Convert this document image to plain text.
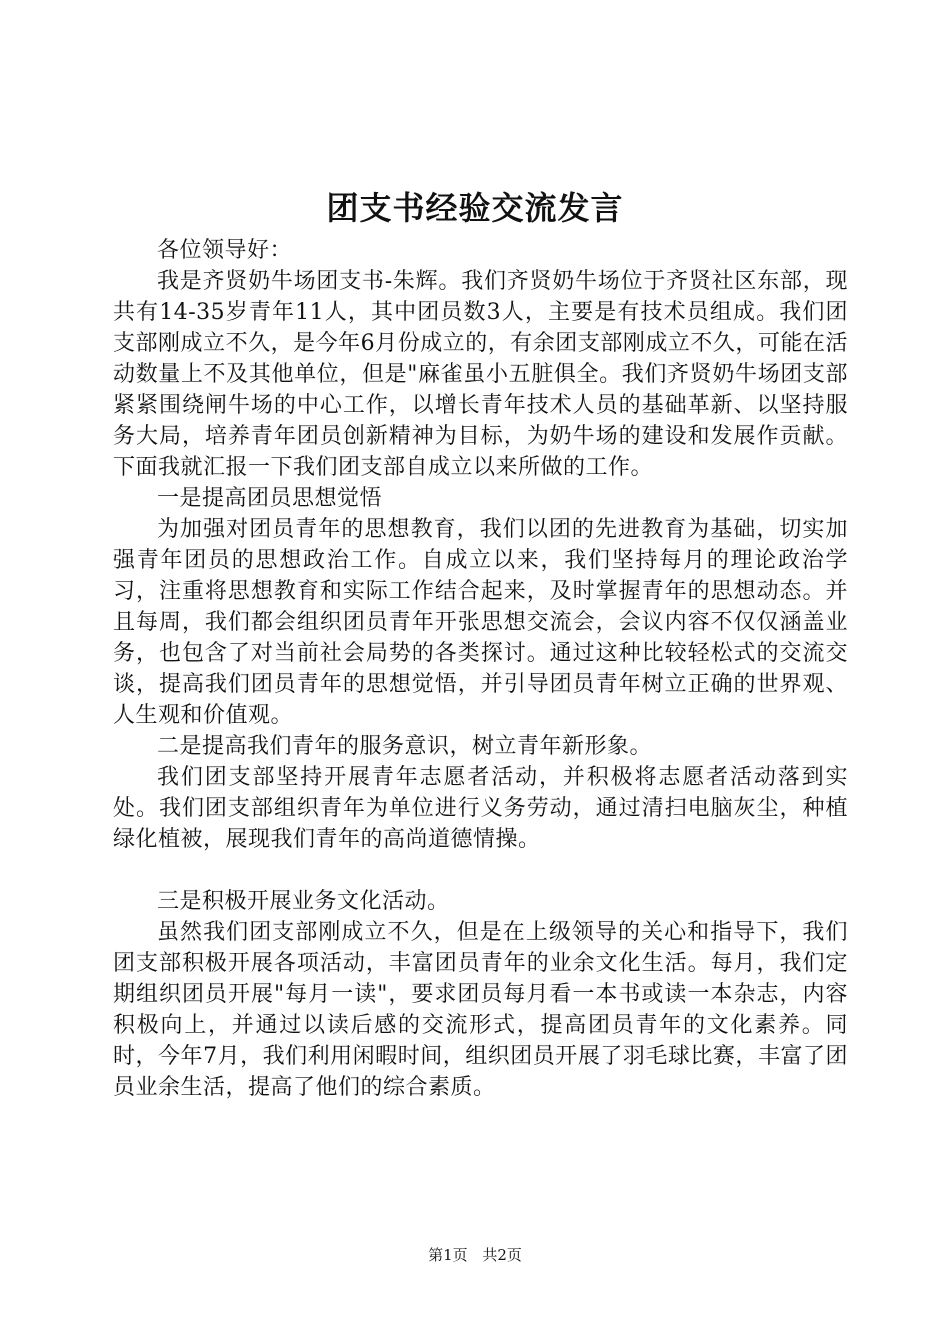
团支书经验交流发言

各位领导好：

我是齐贤奶牛场团支书-朱辉。我们齐贤奶牛场位于齐贤社区东部，现共有14-35岁青年11人，其中团员数3人，主要是有技术员组成。我们团支部刚成立不久，是今年6月份成立的，有余团支部刚成立不久，可能在活动数量上不及其他单位，但是"麻雀虽小五脏俱全。我们齐贤奶牛场团支部紧紧围绕闸牛场的中心工作，以增长青年技术人员的基础革新、以坚持服务大局，培养青年团员创新精神为目标，为奶牛场的建设和发展作贡献。下面我就汇报一下我们团支部自成立以来所做的工作。

一是提高团员思想觉悟

为加强对团员青年的思想教育，我们以团的先进教育为基础，切实加强青年团员的思想政治工作。自成立以来，我们坚持每月的理论政治学习，注重将思想教育和实际工作结合起来，及时掌握青年的思想动态。并且每周，我们都会组织团员青年开张思想交流会，会议内容不仅仅涵盖业务，也包含了对当前社会局势的各类探讨。通过这种比较轻松式的交流交谈，提高我们团员青年的思想觉悟，并引导团员青年树立正确的世界观、人生观和价值观。

二是提高我们青年的服务意识，树立青年新形象。

我们团支部坚持开展青年志愿者活动，并积极将志愿者活动落到实处。我们团支部组织青年为单位进行义务劳动，通过清扫电脑灰尘，种植绿化植被，展现我们青年的高尚道德情操。

三是积极开展业务文化活动。

虽然我们团支部刚成立不久，但是在上级领导的关心和指导下，我们团支部积极开展各项活动，丰富团员青年的业余文化生活。每月，我们定期组织团员开展"每月一读"，要求团员每月看一本书或读一本杂志，内容积极向上，并通过以读后感的交流形式，提高团员青年的文化素养。同时，今年7月，我们利用闲暇时间，组织团员开展了羽毛球比赛，丰富了团员业余生活，提高了他们的综合素质。

第1页 共2页
